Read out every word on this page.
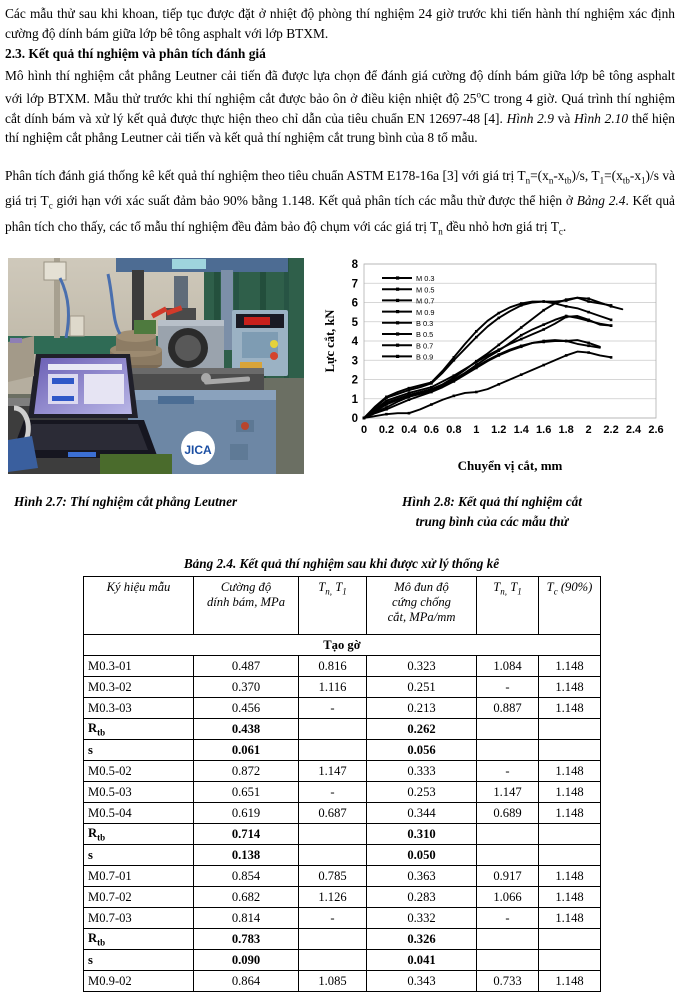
Các mẫu thử sau khi khoan, tiếp tục được đặt ở nhiệt độ phòng thí nghiệm 24 giờ trước khi tiến hành thí nghiệm xác định cường độ dính bám giữa lớp bê tông asphalt với lớp BTXM.
2.3. Kết quả thí nghiệm và phân tích đánh giá
Mô hình thí nghiệm cắt phẳng Leutner cải tiến đã được lựa chọn để đánh giá cường độ dính bám giữa lớp bê tông asphalt với lớp BTXM. Mẫu thử trước khi thí nghiệm cắt được bảo ôn ở điều kiện nhiệt độ 25$^o$C trong 4 giờ. Quá trình thí nghiệm cắt dính bám và xử lý kết quả được thực hiện theo chỉ dẫn của tiêu chuẩn EN 12697-48 [4]. Hình 2.9 và Hình 2.10 thể hiện thí nghiệm cắt phẳng Leutner cải tiến và kết quả thí nghiệm cắt trung bình của 8 tổ mẫu.
Phân tích đánh giá thống kê kết quả thí nghiệm theo tiêu chuẩn ASTM E178-16a [3] với giá trị $T_n=(x_n-x_{tb})/s$, $T_1=(x_{tb}-x_1)/s$ và giá trị $T_c$ giới hạn với xác suất đảm bảo 90% bằng 1.148. Kết quả phân tích các mẫu thử được thể hiện ở Bảng 2.4. Kết quả phân tích cho thấy, các tổ mẫu thí nghiệm đều đảm bảo độ chụm với các giá trị $T_n$ đều nhỏ hơn giá trị $T_c$.
JICA
0
1
2
3
4
5
6
7
8
0 0.2 0.4 0.6 0.8 1 1.2 1.4 1.6 1.8 2 2.2 2.4 2.6
Chuyển vị cắt, mm
Lực cắt, kN
M 0.3
M 0.5
M 0.7
M 0.9
B 0.3
B 0.5
B 0.7
B 0.9
Hình 2.7: Thí nghiệm cắt phẳng Leutner	Hình 2.8: Kết quả thí nghiệm cắt
trung bình của các mẫu thử
Bảng 2.4. Kết quả thí nghiệm sau khi được xử lý thống kê
Ký hiệu mẫu	Cường độ
dính bám, MPa	$T_{n,}$ $T_1$	Mô đun độ
cứng chống
cắt, MPa/mm	$T_{n,}$ $T_1$	$T_c$ (90%)
Tạo gờ					
M0.3-01	0.487	0.816	0.323	1.084	1.148
M0.3-02	0.370	1.116	0.251	-	1.148
M0.3-03	0.456	-	0.213	0.887	1.148
$R_{tb}$	0.438		0.262		
s	0.061		0.056		
M0.5-02	0.872	1.147	0.333	-	1.148
M0.5-03	0.651	-	0.253	1.147	1.148
M0.5-04	0.619	0.687	0.344	0.689	1.148
$R_{tb}$	0.714		0.310		
s	0.138		0.050		
M0.7-01	0.854	0.785	0.363	0.917	1.148
M0.7-02	0.682	1.126	0.283	1.066	1.148
M0.7-03	0.814	-	0.332	-	1.148
$R_{tb}$	0.783		0.326		
s	0.090		0.041		
M0.9-02	0.864	1.085	0.343	0.733	1.148
